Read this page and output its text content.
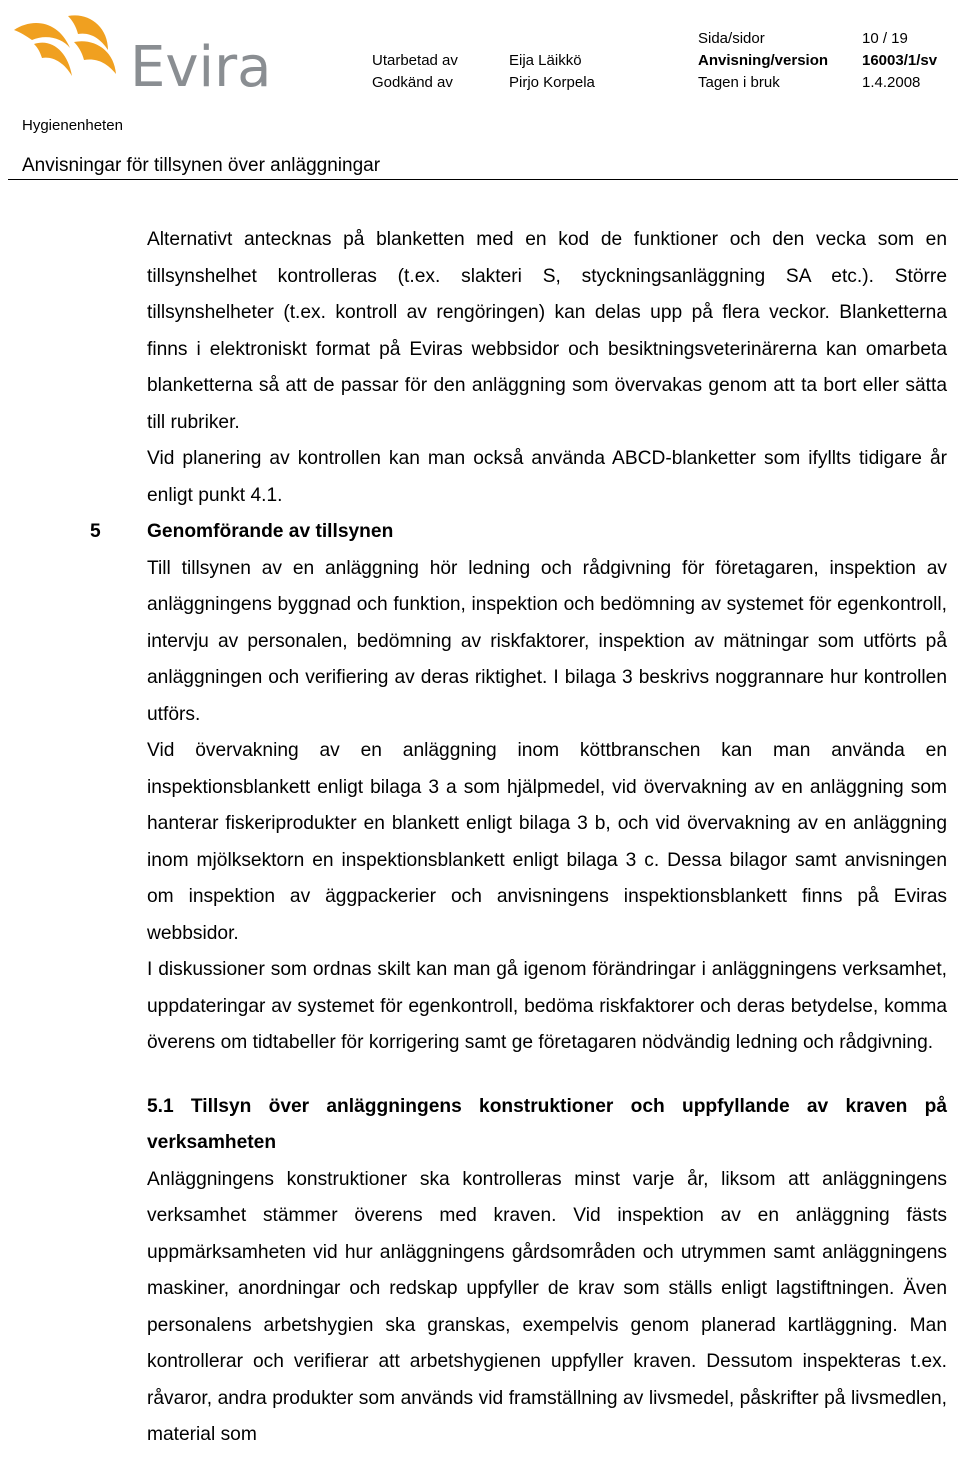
Evira	Sida/sidor	10 / 19
Utarbetad av	Eija Läikkö	Anvisning/version 16003/1/sv
Godkänd av	Pirjo Korpela	Tagen i bruk	1.4.2008
Hygienenheten
Anvisningar för tillsynen över anläggningar

Alternativt antecknas på blanketten med en kod de funktioner och den vecka som en tillsynshelhet kontrolleras (t.ex. slakteri S, styckningsanläggning SA etc.). Större tillsynshelheter (t.ex. kontroll av rengöringen) kan delas upp på flera veckor. Blanketterna finns i elektroniskt format på Eviras webbsidor och besiktningsveterinärerna kan omarbeta blanketterna så att de passar för den anläggning som övervakas genom att ta bort eller sätta till rubriker.

Vid planering av kontrollen kan man också använda ABCD-blanketter som ifyllts tidigare år enligt punkt 4.1.

5 Genomförande av tillsynen

Till tillsynen av en anläggning hör ledning och rådgivning för företagaren, inspektion av anläggningens byggnad och funktion, inspektion och bedömning av systemet för egenkontroll, intervju av personalen, bedömning av riskfaktorer, inspektion av mätningar som utförts på anläggningen och verifiering av deras riktighet. I bilaga 3 beskrivs noggrannare hur kontrollen utförs.

Vid övervakning av en anläggning inom köttbranschen kan man använda en inspektionsblankett enligt bilaga 3 a som hjälpmedel, vid övervakning av en anläggning som hanterar fiskeriprodukter en blankett enligt bilaga 3 b, och vid övervakning av en anläggning inom mjölksektorn en inspektionsblankett enligt bilaga 3 c. Dessa bilagor samt anvisningen om inspektion av äggpackerier och anvisningens inspektionsblankett finns på Eviras webbsidor.

I diskussioner som ordnas skilt kan man gå igenom förändringar i anläggningens verksamhet, uppdateringar av systemet för egenkontroll, bedöma riskfaktorer och deras betydelse, komma överens om tidtabeller för korrigering samt ge företagaren nödvändig ledning och rådgivning.

5.1 Tillsyn över anläggningens konstruktioner och uppfyllande av kraven på verksamheten

Anläggningens konstruktioner ska kontrolleras minst varje år, liksom att anläggningens verksamhet stämmer överens med kraven. Vid inspektion av en anläggning fästs uppmärksamheten vid hur anläggningens gårdsområden och utrymmen samt anläggningens maskiner, anordningar och redskap uppfyller de krav som ställs enligt lagstiftningen. Även personalens arbetshygien ska granskas, exempelvis genom planerad kartläggning. Man kontrollerar och verifierar att arbetshygienen uppfyller kraven. Dessutom inspekteras t.ex. råvaror, andra produkter som används vid framställning av livsmedel, påskrifter på livsmedlen, material som
